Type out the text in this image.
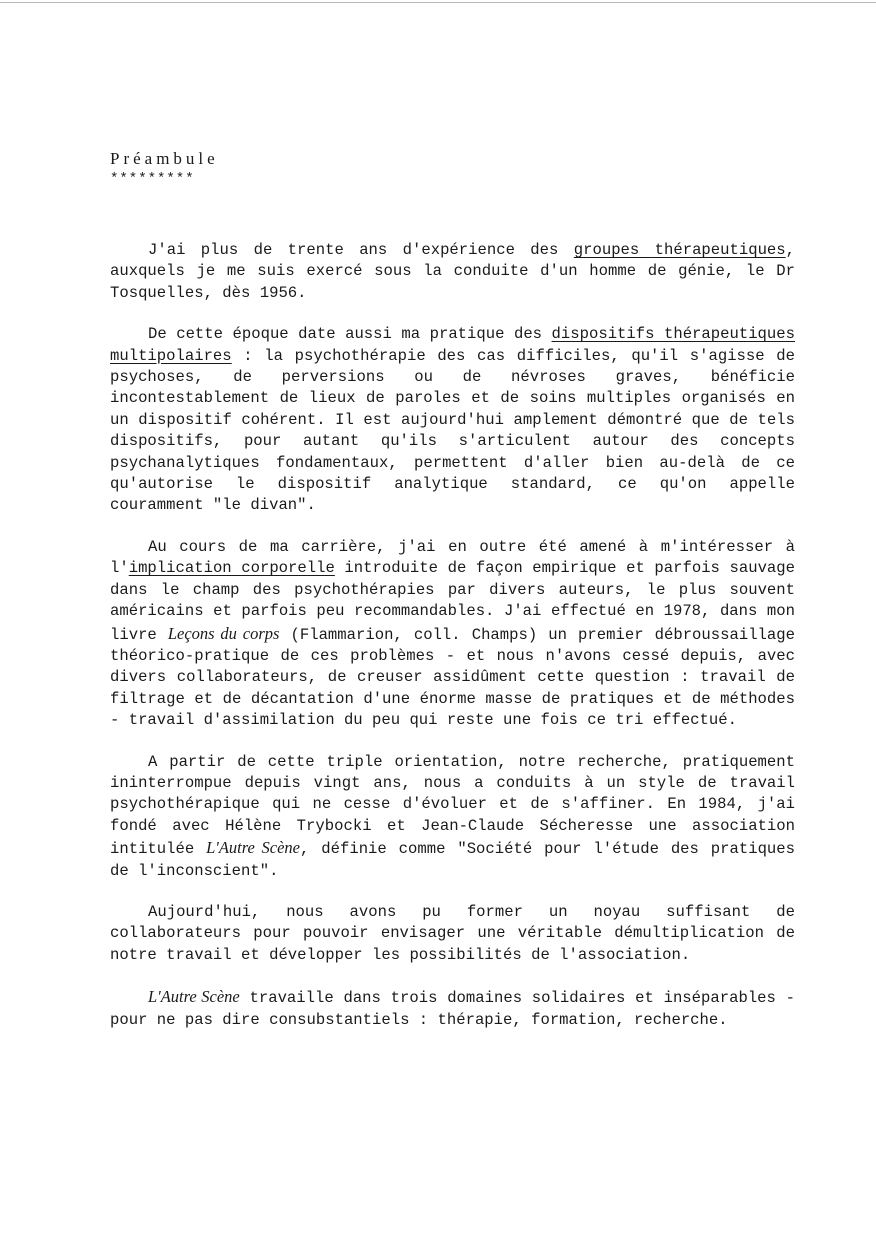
Préambule
*********

J'ai plus de trente ans d'expérience des groupes thérapeutiques, auxquels je me suis exercé sous la conduite d'un homme de génie, le Dr Tosquelles, dès 1956.

De cette époque date aussi ma pratique des dispositifs thérapeutiques multipolaires : la psychothérapie des cas difficiles, qu'il s'agisse de psychoses, de perversions ou de névroses graves, bénéficie incontestablement de lieux de paroles et de soins multiples organisés en un dispositif cohérent. Il est aujourd'hui amplement démontré que de tels dispositifs, pour autant qu'ils s'articulent autour des concepts psychanalytiques fondamentaux, permettent d'aller bien au-delà de ce qu'autorise le dispositif analytique standard, ce qu'on appelle couramment "le divan".

Au cours de ma carrière, j'ai en outre été amené à m'intéresser à l'implication corporelle introduite de façon empirique et parfois sauvage dans le champ des psychothérapies par divers auteurs, le plus souvent américains et parfois peu recommandables. J'ai effectué en 1978, dans mon livre Leçons du corps (Flammarion, coll. Champs) un premier débroussaillage théorico-pratique de ces problèmes - et nous n'avons cessé depuis, avec divers collaborateurs, de creuser assidûment cette question : travail de filtrage et de décantation d'une énorme masse de pratiques et de méthodes - travail d'assimilation du peu qui reste une fois ce tri effectué.

A partir de cette triple orientation, notre recherche, pratiquement ininterrompue depuis vingt ans, nous a conduits à un style de travail psychothérapique qui ne cesse d'évoluer et de s'affiner. En 1984, j'ai fondé avec Hélène Trybocki et Jean-Claude Sécheresse une association intitulée L'Autre Scène, définie comme "Société pour l'étude des pratiques de l'inconscient".

Aujourd'hui, nous avons pu former un noyau suffisant de collaborateurs pour pouvoir envisager une véritable démultiplication de notre travail et développer les possibilités de l'association.

L'Autre Scène travaille dans trois domaines solidaires et inséparables - pour ne pas dire consubstantiels : thérapie, formation, recherche.
